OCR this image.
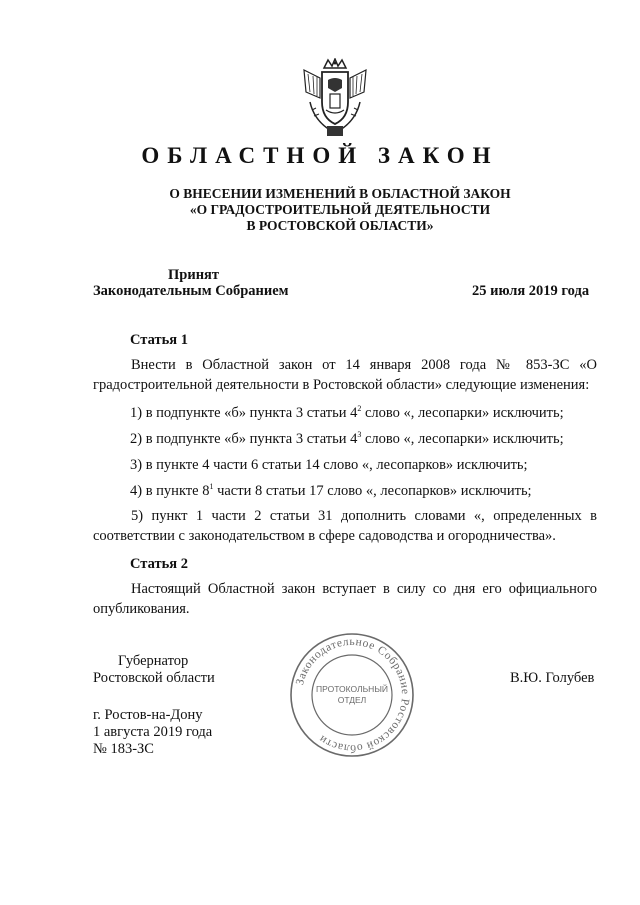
ОБЛАСТНОЙ ЗАКОН
О ВНЕСЕНИИ ИЗМЕНЕНИЙ В ОБЛАСТНОЙ ЗАКОН
«О ГРАДОСТРОИТЕЛЬНОЙ ДЕЯТЕЛЬНОСТИ
В РОСТОВСКОЙ ОБЛАСТИ»
Принят
Законодательным Собранием	25 июля 2019 года
Статья 1

Внести в Областной закон от 14 января 2008 года № 853-ЗС «О градостроительной деятельности в Ростовской области» следующие изменения:

1) в подпункте «б» пункта 3 статьи $4^2$ слово «, лесопарки» исключить;
2) в подпункте «б» пункта 3 статьи $4^3$ слово «, лесопарки» исключить;
3) в пункте 4 части 6 статьи 14 слово «, лесопарков» исключить;
4) в пункте $8^1$ части 8 статьи 17 слово «, лесопарков» исключить;

5) пункт 1 части 2 статьи 31 дополнить словами «, определенных в соответствии с законодательством в сфере садоводства и огородничества».

Статья 2

Настоящий Областной закон вступает в силу со дня его официального опубликования.

Губернатор
Ростовской области	В.Ю. Голубев
г. Ростов-на-Дону
1 августа 2019 года
№ 183-ЗС
Законодательное Собрание Ростовской области
ПРОТОКОЛЬНЫЙ
ОТДЕЛ
